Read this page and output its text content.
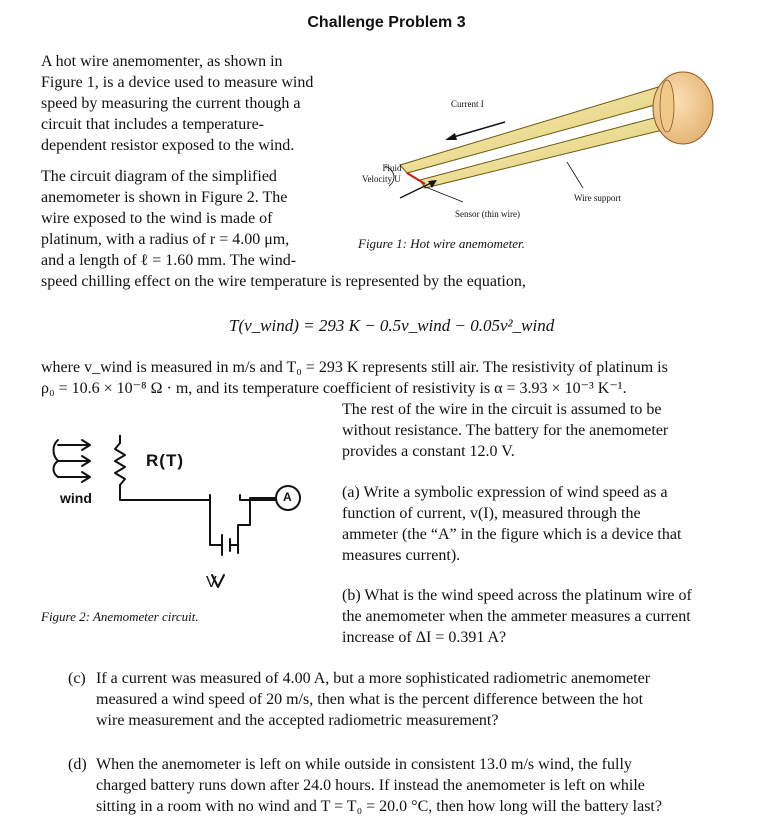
Challenge Problem 3
A hot wire anemomenter, as shown in
Figure 1, is a device used to measure wind
speed by measuring the current though a
circuit that includes a temperature-
dependent resistor exposed to the wind.
The circuit diagram of the simplified
anemometer is shown in Figure 2. The
wire exposed to the wind is made of
platinum, with a radius of r = 4.00 μm,
and a length of ℓ = 1.60 mm. The wind-
speed chilling effect on the wire temperature is represented by the equation,
Current I
Fluid
Velocity U
Sensor (thin wire)
Wire support
Figure 1: Hot wire anemometer.
T(v_wind) = 293 K − 0.5v_wind − 0.05v²_wind
where v_wind is measured in m/s and T₀ = 293 K represents still air. The resistivity of platinum is
ρ₀ = 10.6 × 10⁻⁸ Ω · m, and its temperature coefficient of resistivity is α = 3.93 × 10⁻³ K⁻¹.
R(T)
wind	A
V
Figure 2: Anemometer circuit.
The rest of the wire in the circuit is assumed to be
without resistance. The battery for the anemometer
provides a constant 12.0 V.
(a) Write a symbolic expression of wind speed as a
function of current, v(I), measured through the
ammeter (the “A” in the figure which is a device that
measures current).
(b) What is the wind speed across the platinum wire of
the anemometer when the ammeter measures a current
increase of ΔI = 0.391 A?
(c) If a current was measured of 4.00 A, but a more sophisticated radiometric anemometer
measured a wind speed of 20 m/s, then what is the percent difference between the hot
wire measurement and the accepted radiometric measurement?
(d) When the anemometer is left on while outside in consistent 13.0 m/s wind, the fully
charged battery runs down after 24.0 hours. If instead the anemometer is left on while
sitting in a room with no wind and T = T₀ = 20.0 °C, then how long will the battery last?
